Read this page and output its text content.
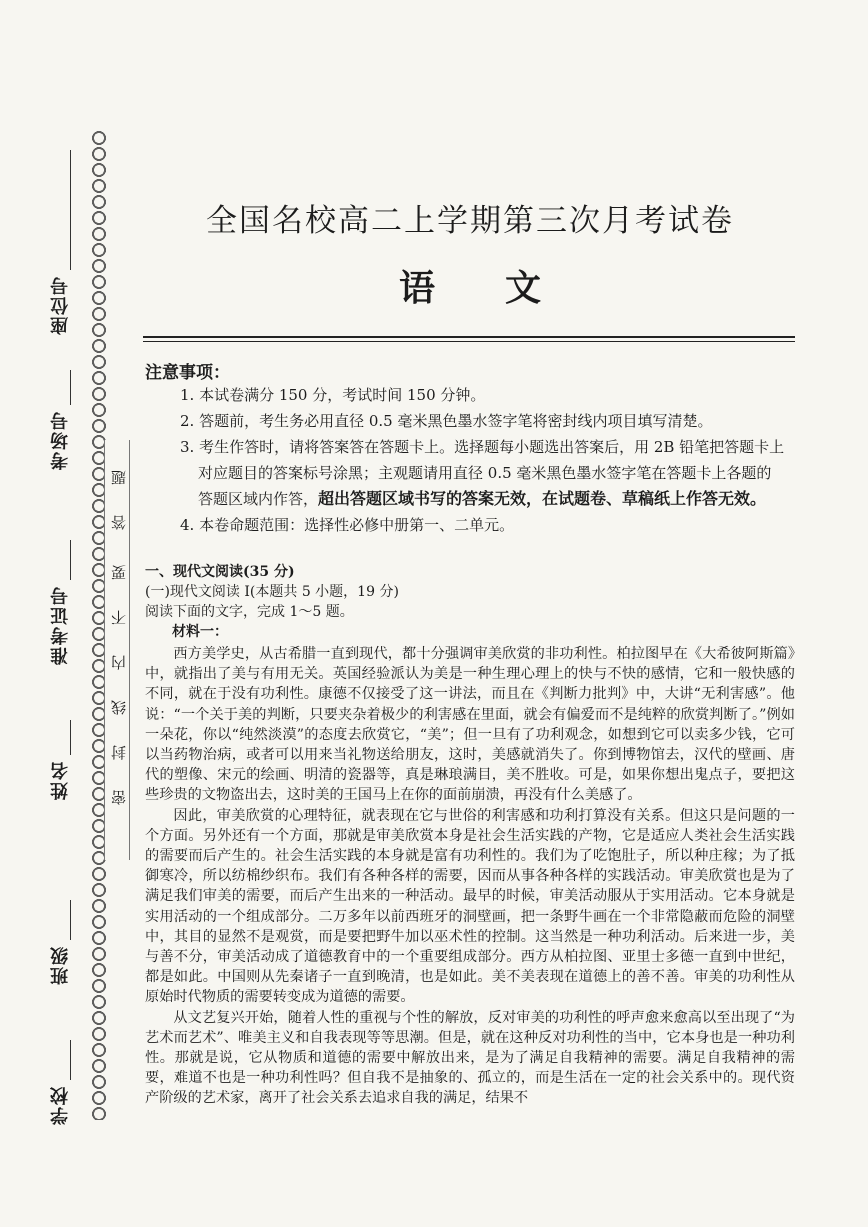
座位号
考场号
准考证号
姓名
班级
学校
题
答
要
不
内
线
封
密
全国名校高二上学期第三次月考试卷
语文
注意事项：
1. 本试卷满分 150 分，考试时间 150 分钟。
2. 答题前，考生务必用直径 0.5 毫米黑色墨水签字笔将密封线内项目填写清楚。
3. 考生作答时，请将答案答在答题卡上。选择题每小题选出答案后，用 2B 铅笔把答题卡上
对应题目的答案标号涂黑；主观题请用直径 0.5 毫米黑色墨水签字笔在答题卡上各题的
答题区域内作答，超出答题区域书写的答案无效，在试题卷、草稿纸上作答无效。
4. 本卷命题范围：选择性必修中册第一、二单元。
一、现代文阅读(35 分)
(一)现代文阅读 Ⅰ(本题共 5 小题，19 分)
阅读下面的文字，完成 1～5 题。
材料一：

西方美学史，从古希腊一直到现代，都十分强调审美欣赏的非功利性。柏拉图早在《大希彼阿斯篇》中，就指出了美与有用无关。英国经验派认为美是一种生理心理上的快与不快的感情，它和一般快感的不同，就在于没有功利性。康德不仅接受了这一讲法，而且在《判断力批判》中，大讲“无利害感”。他说：“一个关于美的判断，只要夹杂着极少的利害感在里面，就会有偏爱而不是纯粹的欣赏判断了。”例如一朵花，你以“纯然淡漠”的态度去欣赏它，“美”；但一旦有了功利观念，如想到它可以卖多少钱，它可以当药物治病，或者可以用来当礼物送给朋友，这时，美感就消失了。你到博物馆去，汉代的壁画、唐代的塑像、宋元的绘画、明清的瓷器等，真是琳琅满目，美不胜收。可是，如果你想出鬼点子，要把这些珍贵的文物盗出去，这时美的王国马上在你的面前崩溃，再没有什么美感了。

因此，审美欣赏的心理特征，就表现在它与世俗的利害感和功利打算没有关系。但这只是问题的一个方面。另外还有一个方面，那就是审美欣赏本身是社会生活实践的产物，它是适应人类社会生活实践的需要而后产生的。社会生活实践的本身就是富有功利性的。我们为了吃饱肚子，所以种庄稼；为了抵御寒冷，所以纺棉纱织布。我们有各种各样的需要，因而从事各种各样的实践活动。审美欣赏也是为了满足我们审美的需要，而后产生出来的一种活动。最早的时候，审美活动服从于实用活动。它本身就是实用活动的一个组成部分。二万多年以前西班牙的洞壁画，把一条野牛画在一个非常隐蔽而危险的洞壁中，其目的显然不是观赏，而是要把野牛加以巫术性的控制。这当然是一种功利活动。后来进一步，美与善不分，审美活动成了道德教育中的一个重要组成部分。西方从柏拉图、亚里士多德一直到中世纪，都是如此。中国则从先秦诸子一直到晚清，也是如此。美不美表现在道德上的善不善。审美的功利性从原始时代物质的需要转变成为道德的需要。

从文艺复兴开始，随着人性的重视与个性的解放，反对审美的功利性的呼声愈来愈高以至出现了“为艺术而艺术”、唯美主义和自我表现等等思潮。但是，就在这种反对功利性的当中，它本身也是一种功利性。那就是说，它从物质和道德的需要中解放出来，是为了满足自我精神的需要。满足自我精神的需要，难道不也是一种功利性吗？但自我不是抽象的、孤立的，而是生活在一定的社会关系中的。现代资产阶级的艺术家，离开了社会关系去追求自我的满足，结果不
